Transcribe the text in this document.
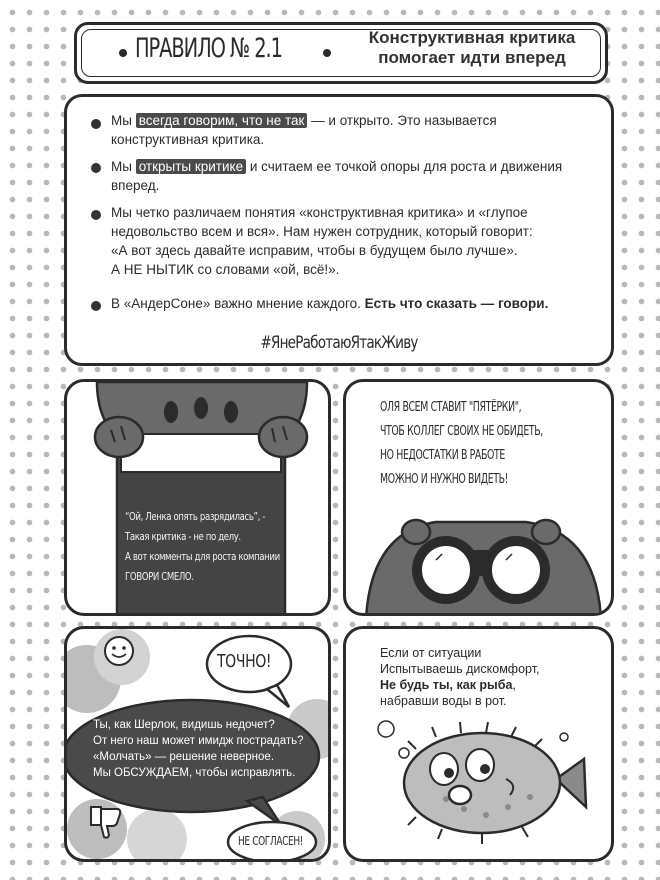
ПРАВИЛО № 2.1	Конструктивная критика
помогает идти вперед
Мы всегда говорим, что не так — и открыто. Это называется конструктивная критика.
Мы открыты критике и считаем ее точкой опоры для роста и движения вперед.
Мы четко различаем понятия «конструктивная критика» и «глупое
недовольство всем и вся». Нам нужен сотрудник, который говорит:
«А вот здесь давайте исправим, чтобы в будущем было лучше».
А НЕ НЫТИК со словами «ой, всё!».
В «АндерСоне» важно мнение каждого. Есть что сказать — говори.
#ЯнеРаботаюЯтакЖиву
“Ой, Ленка опять разрядилась”, -
Такая критика - не по делу.
А вот комменты для роста компании
ГОВОРИ СМЕЛО.
ОЛЯ ВСЕМ СТАВИТ "ПЯТЁРКИ",
ЧТОБ КОЛЛЕГ СВОИХ НЕ ОБИДЕТЬ,
НО НЕДОСТАТКИ В РАБОТЕ
МОЖНО И НУЖНО ВИДЕТЬ!
ТОЧНО!
Ты, как Шерлок, видишь недочет?
От него наш может имидж пострадать?
«Молчать» — решение неверное.
Мы ОБСУЖДАЕМ, чтобы исправлять.
НЕ СОГЛАСЕН!
Если от ситуации
Испытываешь дискомфорт,
Не будь ты, как рыба,
набравши воды в рот.
